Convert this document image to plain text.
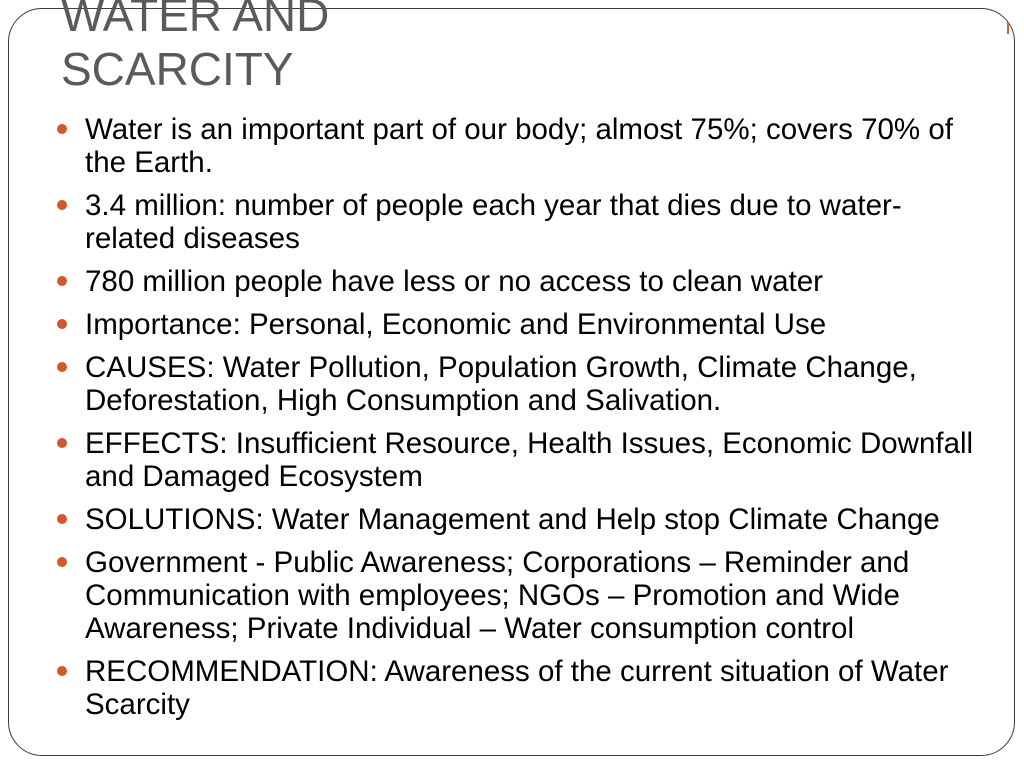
WATER AND
SCARCITY
Water is an important part of our body; almost 75%; covers 70% of the Earth.
3.4 million: number of people each year that dies due to water-related diseases
780 million people have less or no access to clean water
Importance: Personal, Economic and Environmental Use
CAUSES: Water Pollution, Population Growth, Climate Change, Deforestation, High Consumption and Salivation.
EFFECTS: Insufficient Resource, Health Issues, Economic Downfall and Damaged Ecosystem
SOLUTIONS: Water Management and Help stop Climate Change
Government - Public Awareness; Corporations – Reminder and Communication with employees; NGOs – Promotion and Wide Awareness; Private Individual – Water consumption control
RECOMMENDATION: Awareness of the current situation of Water Scarcity
